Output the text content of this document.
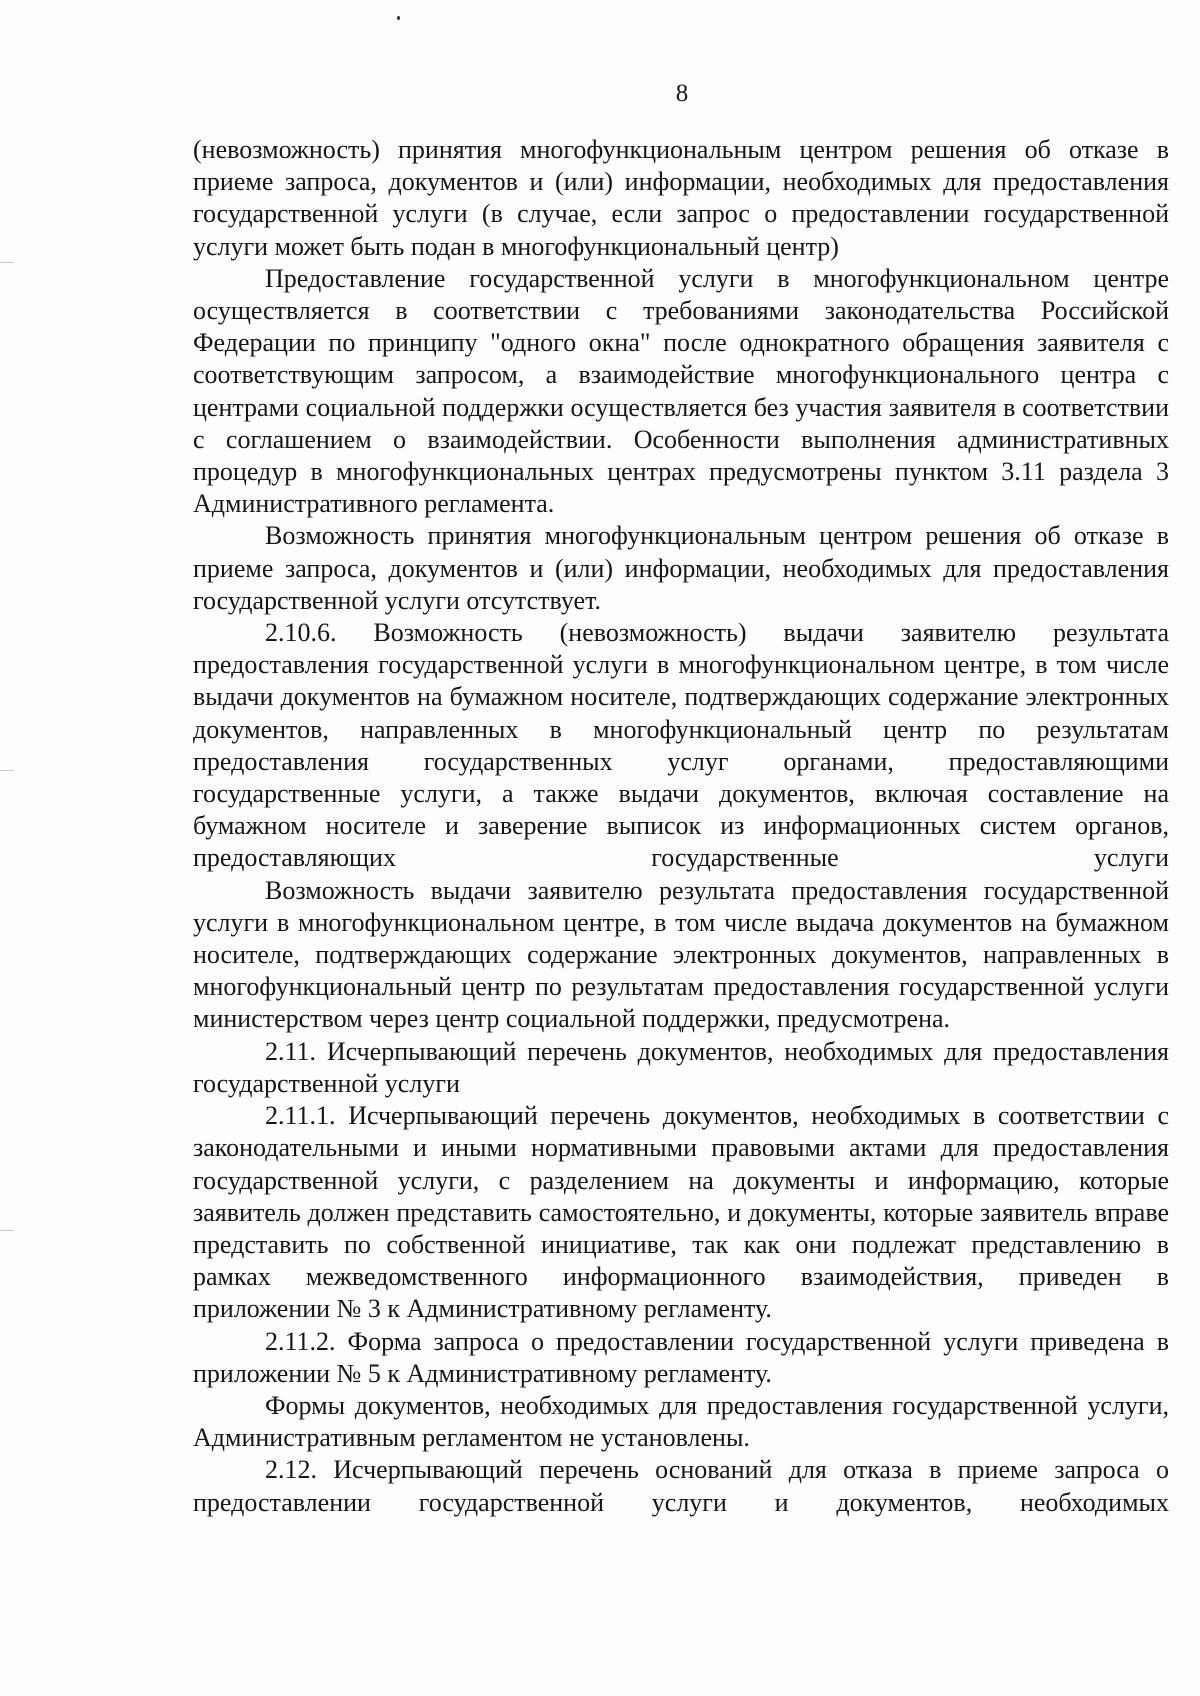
8

(невозможность) принятия многофункциональным центром решения об отказе в приеме запроса, документов и (или) информации, необходимых для предоставления государственной услуги (в случае, если запрос о предоставлении государственной услуги может быть подан в многофункциональный центр)

Предоставление государственной услуги в многофункциональном центре осуществляется в соответствии с требованиями законодательства Российской Федерации по принципу "одного окна" после однократного обращения заявителя с соответствующим запросом, а взаимодействие многофункционального центра с центрами социальной поддержки осуществляется без участия заявителя в соответствии с соглашением о взаимодействии. Особенности выполнения административных процедур в многофункциональных центрах предусмотрены пунктом 3.11 раздела 3 Административного регламента.

Возможность принятия многофункциональным центром решения об отказе в приеме запроса, документов и (или) информации, необходимых для предоставления государственной услуги отсутствует.

2.10.6. Возможность (невозможность) выдачи заявителю результата предоставления государственной услуги в многофункциональном центре, в том числе выдачи документов на бумажном носителе, подтверждающих содержание электронных документов, направленных в многофункциональный центр по результатам предоставления государственных услуг органами, предоставляющими государственные услуги, а также выдачи документов, включая составление на бумажном носителе и заверение выписок из информационных систем органов, предоставляющих государственные услуги

Возможность выдачи заявителю результата предоставления государственной услуги в многофункциональном центре, в том числе выдача документов на бумажном носителе, подтверждающих содержание электронных документов, направленных в многофункциональный центр по результатам предоставления государственной услуги министерством через центр социальной поддержки, предусмотрена.

2.11. Исчерпывающий перечень документов, необходимых для предоставления государственной услуги

2.11.1. Исчерпывающий перечень документов, необходимых в соответствии с законодательными и иными нормативными правовыми актами для предоставления государственной услуги, с разделением на документы и информацию, которые заявитель должен представить самостоятельно, и документы, которые заявитель вправе представить по собственной инициативе, так как они подлежат представлению в рамках межведомственного информационного взаимодействия, приведен в приложении № 3 к Административному регламенту.

2.11.2. Форма запроса о предоставлении государственной услуги приведена в приложении № 5 к Административному регламенту.

Формы документов, необходимых для предоставления государственной услуги, Административным регламентом не установлены.

2.12. Исчерпывающий перечень оснований для отказа в приеме запроса о предоставлении государственной услуги и документов, необходимых
